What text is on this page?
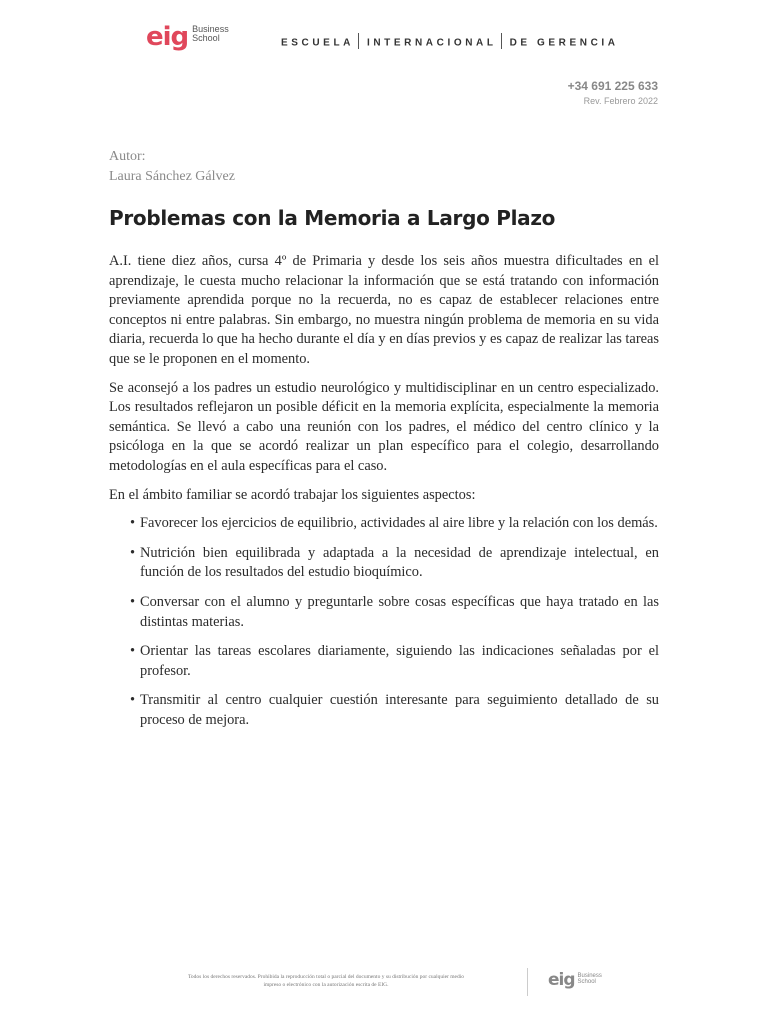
eig Business
School	ESCUELA INTERNACIONAL DE GERENCIA
+34 691 225 633
Rev. Febrero 2022
Autor:
Laura Sánchez Gálvez
Problemas con la Memoria a Largo Plazo

A.I. tiene diez años, cursa 4º de Primaria y desde los seis años muestra dificultades en el aprendizaje, le cuesta mucho relacionar la información que se está tratando con información previamente aprendida porque no la recuerda, no es capaz de establecer relaciones entre conceptos ni entre palabras. Sin embargo, no muestra ningún problema de memoria en su vida diaria, recuerda lo que ha hecho durante el día y en días previos y es capaz de realizar las tareas que se le proponen en el momento.

Se aconsejó a los padres un estudio neurológico y multidisciplinar en un centro especializado. Los resultados reflejaron un posible déficit en la memoria explícita, especialmente la memoria semántica. Se llevó a cabo una reunión con los padres, el médico del centro clínico y la psicóloga en la que se acordó realizar un plan específico para el colegio, desarrollando metodologías en el aula específicas para el caso.

En el ámbito familiar se acordó trabajar los siguientes aspectos:

• Favorecer los ejercicios de equilibrio, actividades al aire libre y la relación con los demás.
• Nutrición bien equilibrada y adaptada a la necesidad de aprendizaje intelectual, en función de los resultados del estudio bioquímico.
• Conversar con el alumno y preguntarle sobre cosas específicas que haya tratado en las distintas materias.
• Orientar las tareas escolares diariamente, siguiendo las indicaciones señaladas por el profesor.
• Transmitir al centro cualquier cuestión interesante para seguimiento detallado de su proceso de mejora.
Todos los derechos reservados. Prohibida la reproducción total o parcial del documento y su distribución por cualquier medio
impreso o electrónico con la autorización escrita de EIG.	eig Business
School
